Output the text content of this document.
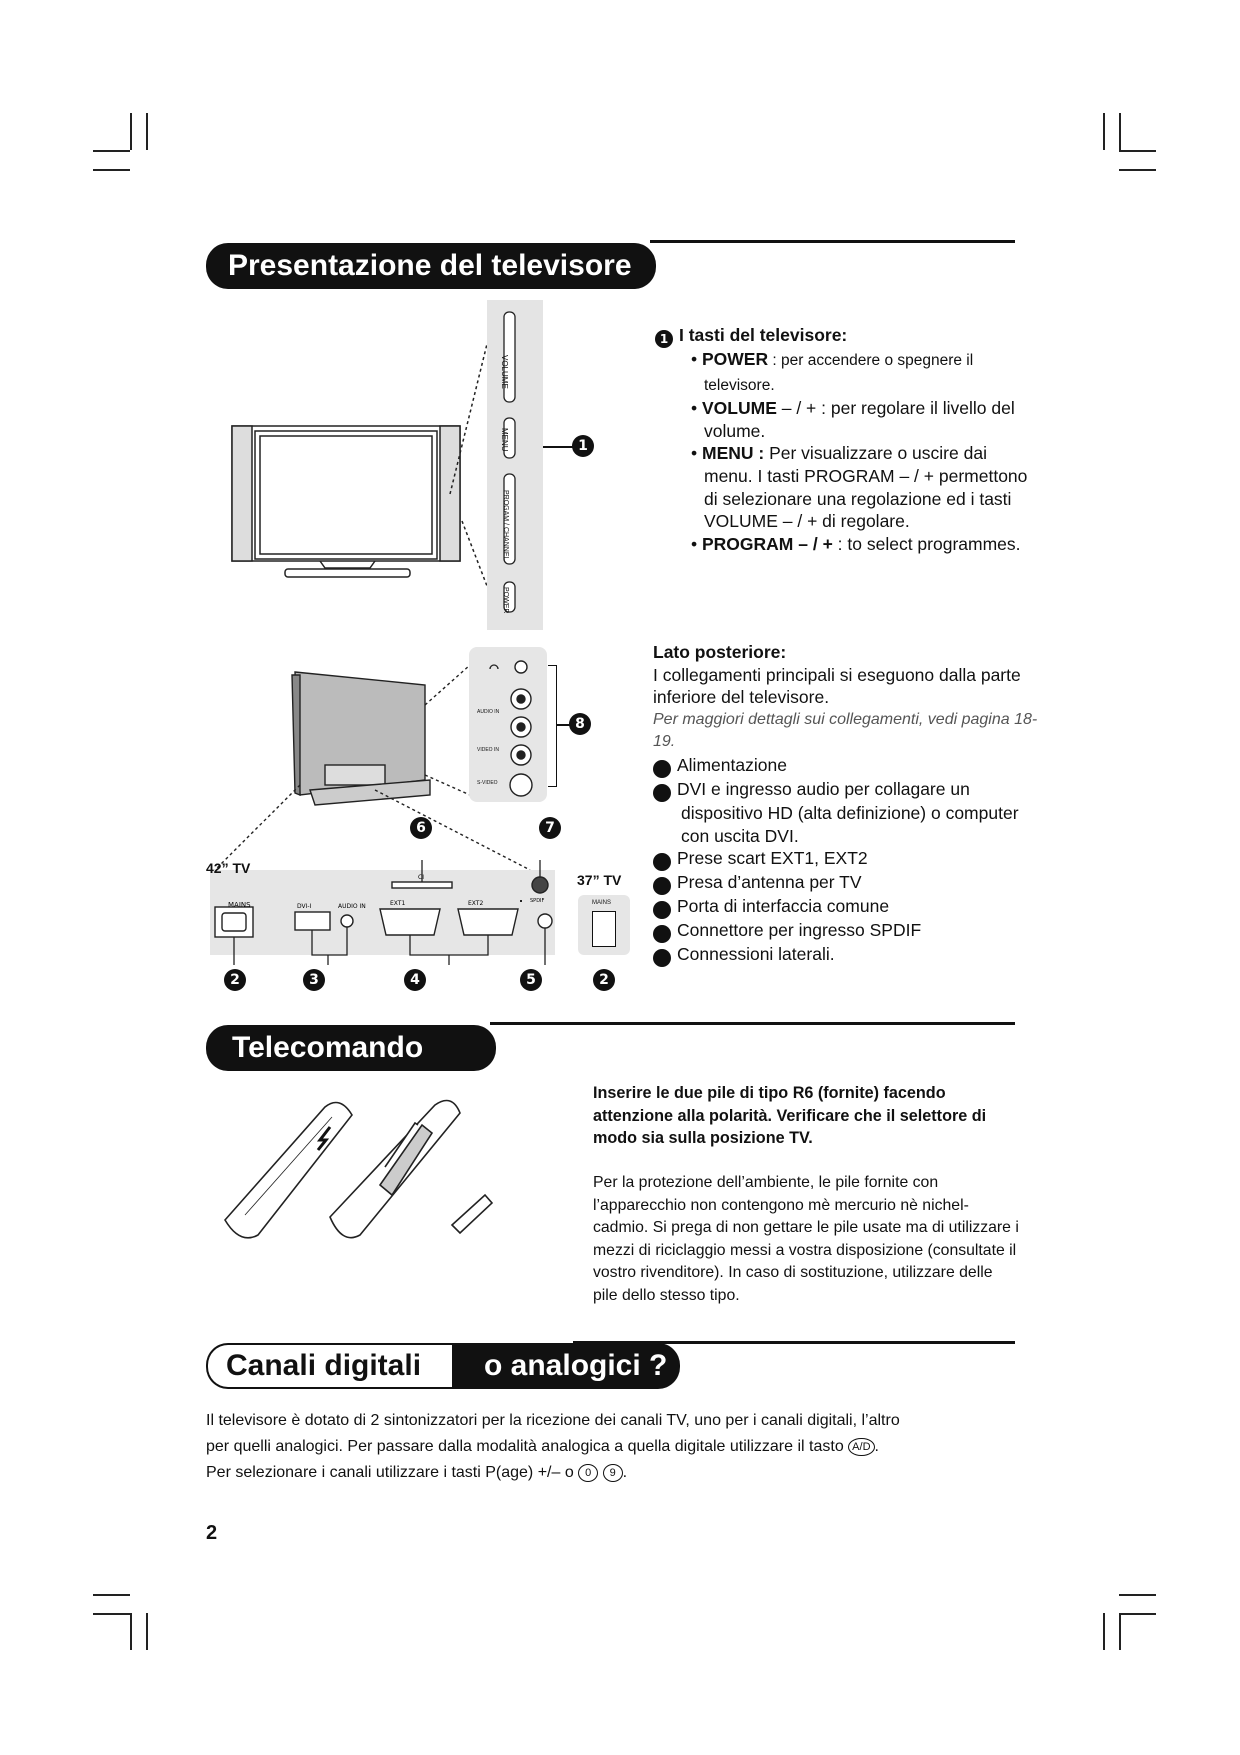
Presentazione del televisore
VOLUME
MENU
PROGAM / CHANNEL
POWER
1
1 I tasti del televisore:
• POWER : per accendere o spegnere il televisore.
• VOLUME – / + : per regolare il livello del volume.
• MENU : Per visualizzare o uscire dai menu. I tasti PROGRAM – / + permettono di selezionare una regolazione ed i tasti VOLUME – / + di regolare.
• PROGRAM – / + : to select programmes.
MAINS	DVI-I	AUDIO IN	EXT1	EXT2
CI
SPDIF
42” TV
AUDIO IN
VIDEO IN
S-VIDEO
8
37” TV
MAINS
6	7
2	3	4	5	2
Lato posteriore:
I collegamenti principali si eseguono dalla parte inferiore del televisore.
Per maggiori dettagli sui collegamenti, vedi pagina 18-19.
2 Alimentazione
3 DVI e ingresso audio per collagare un dispositivo HD (alta definizione) o computer con uscita DVI.
4 Prese scart EXT1, EXT2
5 Presa d’antenna per TV
6 Porta di interfaccia comune
7 Connettore per ingresso SPDIF
8 Connessioni laterali.
Telecomando
Inserire le due pile di tipo R6 (fornite) facendo attenzione alla polarità. Verificare che il selettore di modo sia sulla posizione TV.
Per la protezione dell’ambiente, le pile fornite con l’apparecchio non contengono mè mercurio nè nichel-cadmio. Si prega di non gettare le pile usate ma di utilizzare i mezzi di riciclaggio messi a vostra disposizione (consultate il vostro rivenditore). In caso di sostituzione, utilizzare delle pile dello stesso tipo.
Canali digitali	o analogici ?
Il televisore è dotato di 2 sintonizzatori per la ricezione dei canali TV, uno per i canali digitali, l’altro
per quelli analogici. Per passare dalla modalità analogica a quella digitale utilizzare il tasto A/D .
Per selezionare i canali utilizzare i tasti P(age) +/– o 0 9 .
2
